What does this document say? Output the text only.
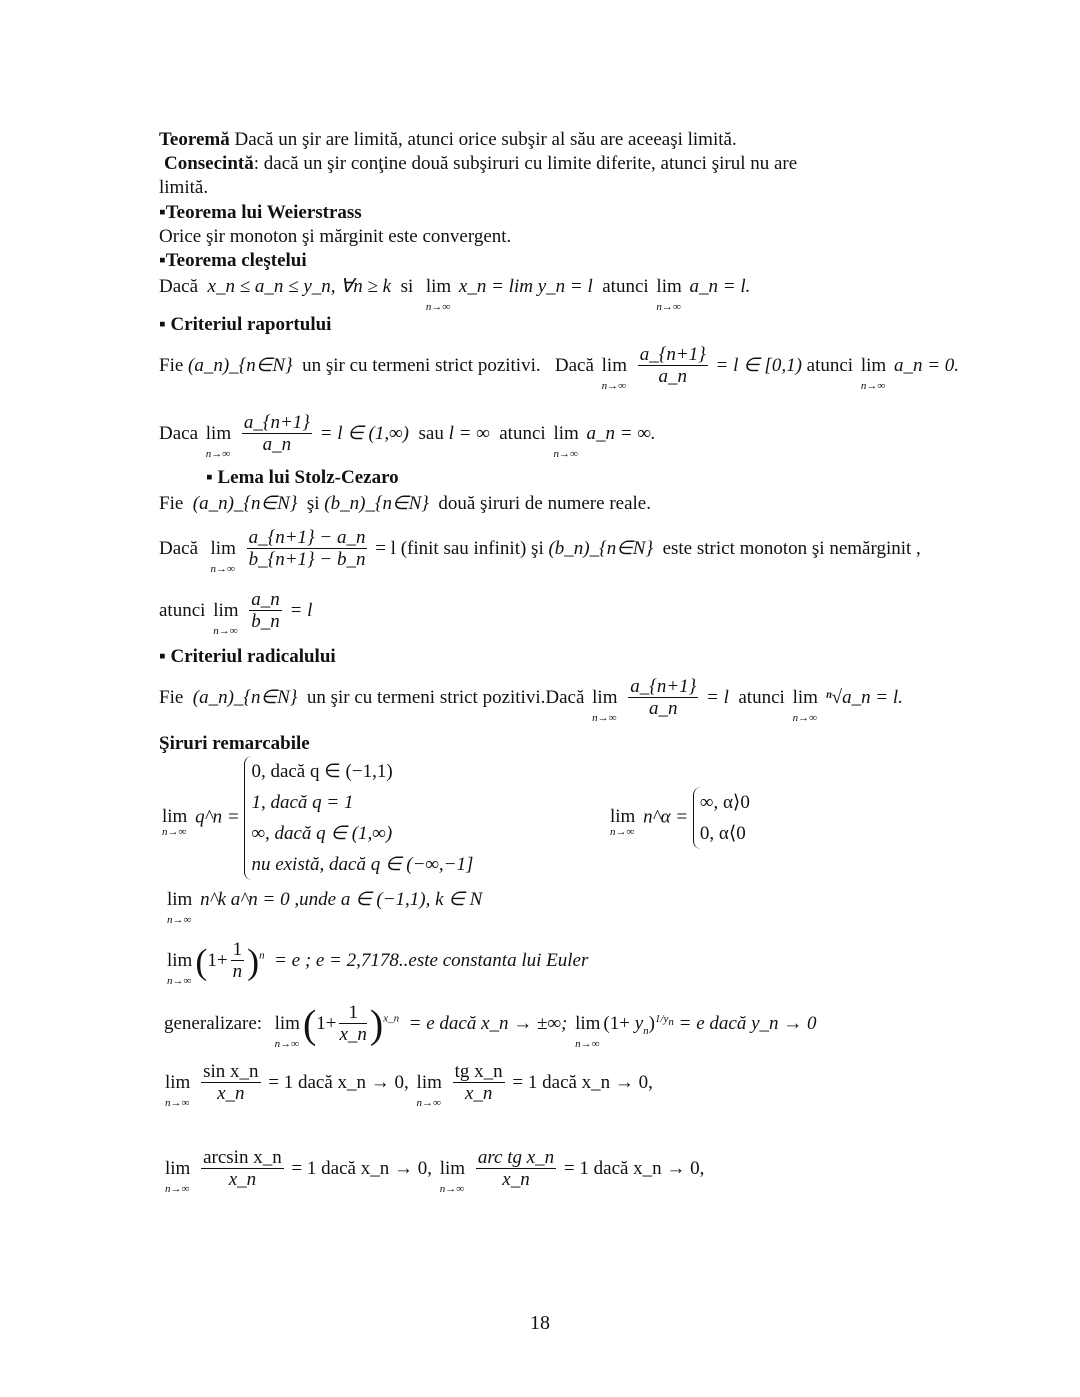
Teoremă Dacă un şir are limită, atunci orice subşir al său are aceeaşi limită.
Consecintă: dacă un şir conţine două subşiruri cu limite diferite, atunci şirul nu are
limită.
▪Teorema lui Weierstrass
Orice şir monoton şi mărginit este convergent.
▪Teorema cleştelui
Dacă x_n ≤ a_n ≤ y_n, ∀n ≥ k si lim
n→∞
x_n = lim y_n = l atunci lim
n→∞
a_n = l.
▪ Criteriul raportului
Fie (a_n)_{n∈N} un şir cu termeni strict pozitivi. Dacă lim
n→∞
$\frac{a\_\{n+1\}}{a\_n} = l$ ∈ [0,1) atunci lim
n→∞
a_n = 0.
Daca lim
n→∞
$\frac{a\_\{n+1\}}{a\_n} = l$ ∈ (1,∞) sau l = ∞ atunci lim
n→∞
a_n = ∞.
▪ Lema lui Stolz-Cezaro
Fie (a_n)_{n∈N} şi (b_n)_{n∈N} două şiruri de numere reale.
Dacă lim
n→∞
$\frac{a\_\{n+1\} - a\_n}{b\_\{n+1\} - b\_n} = l$ (finit sau infinit) şi (b_n)_{n∈N} este strict monoton şi nemărginit ,
atunci lim
n→∞
$\frac{a\_n}{b\_n} = l$
▪ Criteriul radicalului
Fie (a_n)_{n∈N} un şir cu termeni strict pozitivi.Dacă lim
n→∞
$\frac{a\_\{n+1\}}{a\_n} = l$ atunci lim
n→∞
ⁿ√a_n = l.
Şiruri remarcabile
lim
n→∞
q^n =
0, dacă q ∈ (−1,1)
1, dacă q = 1
∞, dacă q ∈ (1,∞)
nu există, dacă q ∈ (−∞,−1]
lim
n→∞
n^α =
∞, α⟩0
0, α⟨0
lim
n→∞
n^k a^n = 0 ,unde a ∈ (−1,1), k ∈ N
lim
n→∞ $(1+ \frac{1}{n} )^n = e$ ; e = 2,7178..este constanta lui Euler
generalizare: lim
n→∞ $(1+ \frac{1}{x\_n} )^{x\_n} = e$ dacă x_n → ±∞; lim
n→∞
$(1+ y_n)^{1/y_n} = e$ dacă y_n → 0
lim
n→∞
$\frac{\text{sin x\_n}}{x\_n} = 1$ dacă x_n → 0, lim
n→∞
$\frac{\text{tg x\_n}}{x\_n} = 1$ dacă x_n → 0,
lim
n→∞
$\frac{\text{arcsin x\_n}}{x\_n} = 1$ dacă x_n → 0, lim
n→∞

arc tg x_n
x_n
= 1 dacă x_n → 0,
18
